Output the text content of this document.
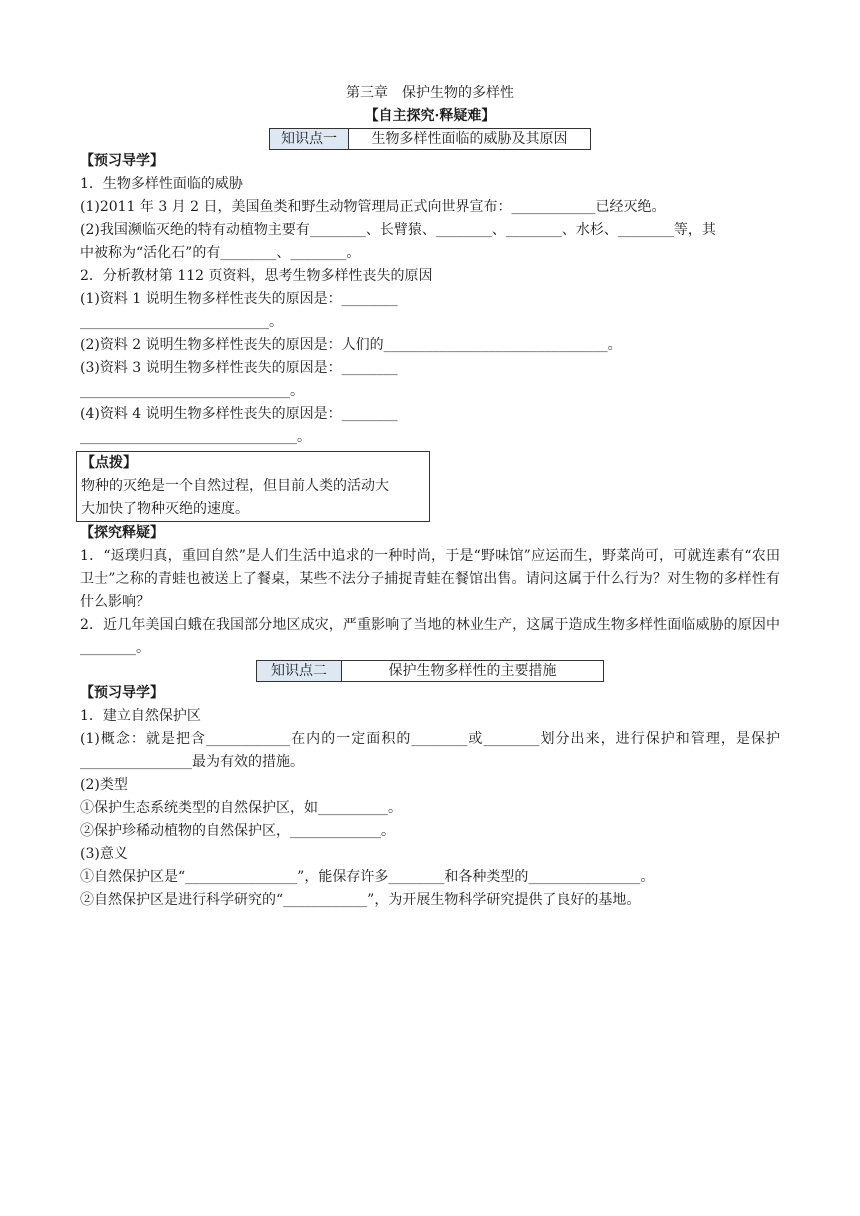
第三章　保护生物的多样性
【自主探究·释疑难】
知识点一	生物多样性面临的威胁及其原因
【预习导学】
1．生物多样性面临的威胁
(1)2011 年 3 月 2 日，美国鱼类和野生动物管理局正式向世界宣布：____________已经灭绝。
(2)我国濒临灭绝的特有动植物主要有________、长臂猿、________、________、水杉、________等，其
中被称为“活化石”的有________、________。
2．分析教材第 112 页资料，思考生物多样性丧失的原因
(1)资料 1 说明生物多样性丧失的原因是：________
___________________________。
(2)资料 2 说明生物多样性丧失的原因是：人们的________________________________。
(3)资料 3 说明生物多样性丧失的原因是：________
______________________________。
(4)资料 4 说明生物多样性丧失的原因是：________
_______________________________。
【点拨】
物种的灭绝是一个自然过程，但目前人类的活动大
大加快了物种灭绝的速度。
【探究释疑】
1．“返璞归真，重回自然”是人们生活中追求的一种时尚，于是“野味馆”应运而生，野菜尚可，可就连素有“农田卫士”之称的青蛙也被送上了餐桌，某些不法分子捕捉青蛙在餐馆出售。请问这属于什么行为？对生物的多样性有什么影响？
2．近几年美国白蛾在我国部分地区成灾，严重影响了当地的林业生产，这属于造成生物多样性面临威胁的原因中________。
知识点二	保护生物多样性的主要措施
【预习导学】
1．建立自然保护区
(1)概念：就是把含____________在内的一定面积的________或________划分出来，进行保护和管理，是保护________________最为有效的措施。
(2)类型
①保护生态系统类型的自然保护区，如__________。
②保护珍稀动植物的自然保护区，_____________。
(3)意义
①自然保护区是“________________”，能保存许多________和各种类型的________________。
②自然保护区是进行科学研究的“____________”，为开展生物科学研究提供了良好的基地。
